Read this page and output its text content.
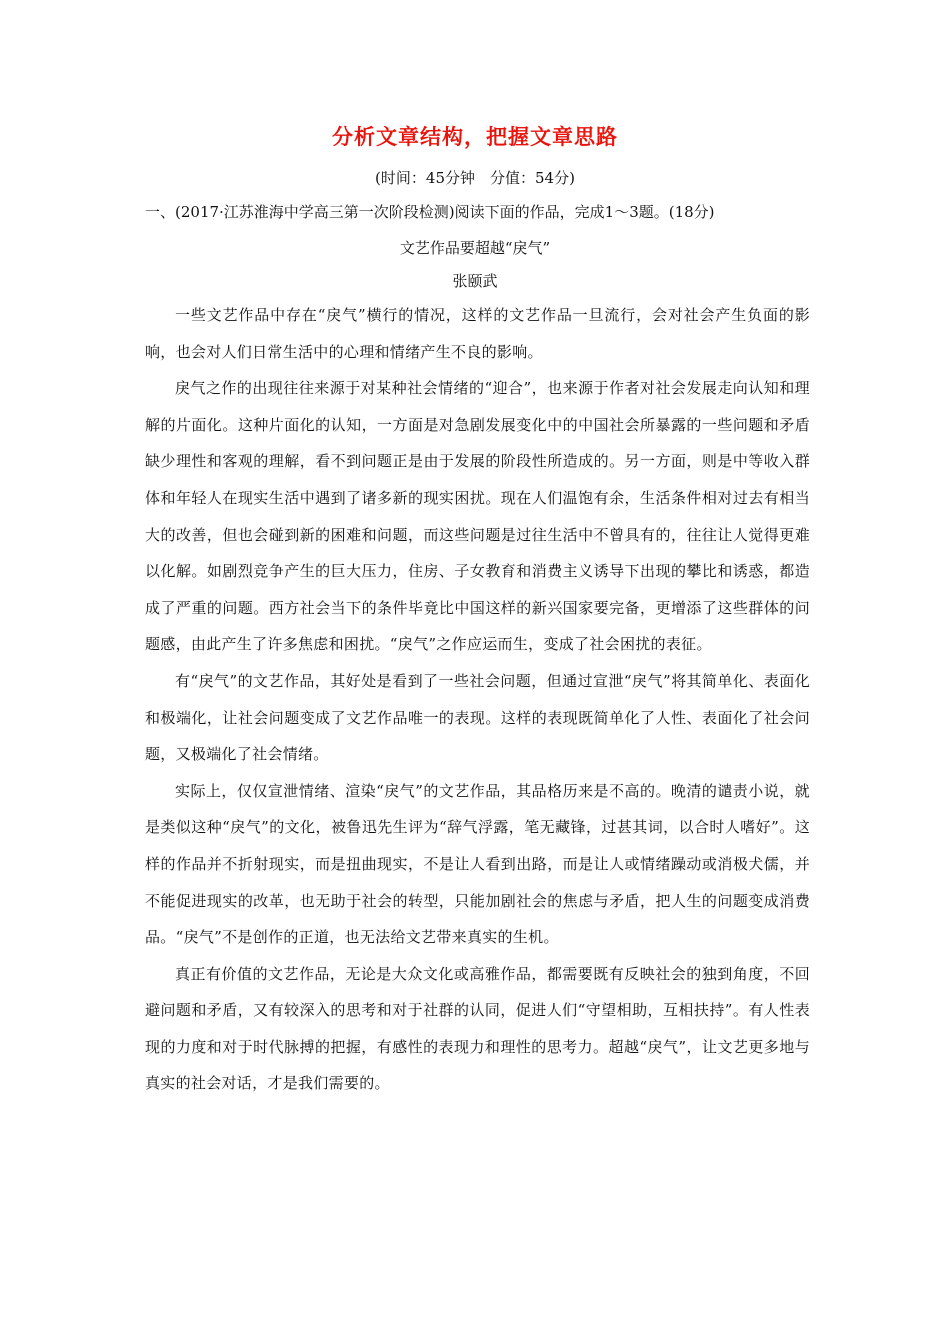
分析文章结构，把握文章思路
(时间：45分钟　分值：54分)
一、(2017·江苏淮海中学高三第一次阶段检测)阅读下面的作品，完成1～3题。(18分)
文艺作品要超越“戾气”
张颐武

一些文艺作品中存在“戾气”横行的情况，这样的文艺作品一旦流行，会对社会产生负面的影响，也会对人们日常生活中的心理和情绪产生不良的影响。

戾气之作的出现往往来源于对某种社会情绪的“迎合”，也来源于作者对社会发展走向认知和理解的片面化。这种片面化的认知，一方面是对急剧发展变化中的中国社会所暴露的一些问题和矛盾缺少理性和客观的理解，看不到问题正是由于发展的阶段性所造成的。另一方面，则是中等收入群体和年轻人在现实生活中遇到了诸多新的现实困扰。现在人们温饱有余，生活条件相对过去有相当大的改善，但也会碰到新的困难和问题，而这些问题是过往生活中不曾具有的，往往让人觉得更难以化解。如剧烈竞争产生的巨大压力，住房、子女教育和消费主义诱导下出现的攀比和诱惑，都造成了严重的问题。西方社会当下的条件毕竟比中国这样的新兴国家要完备，更增添了这些群体的问题感，由此产生了许多焦虑和困扰。“戾气”之作应运而生，变成了社会困扰的表征。

有“戾气”的文艺作品，其好处是看到了一些社会问题，但通过宣泄“戾气”将其简单化、表面化和极端化，让社会问题变成了文艺作品唯一的表现。这样的表现既简单化了人性、表面化了社会问题，又极端化了社会情绪。

实际上，仅仅宣泄情绪、渲染“戾气”的文艺作品，其品格历来是不高的。晚清的谴责小说，就是类似这种“戾气”的文化，被鲁迅先生评为“辞气浮露，笔无藏锋，过甚其词，以合时人嗜好”。这样的作品并不折射现实，而是扭曲现实，不是让人看到出路，而是让人或情绪躁动或消极犬儒，并不能促进现实的改革，也无助于社会的转型，只能加剧社会的焦虑与矛盾，把人生的问题变成消费品。“戾气”不是创作的正道，也无法给文艺带来真实的生机。

真正有价值的文艺作品，无论是大众文化或高雅作品，都需要既有反映社会的独到角度，不回避问题和矛盾，又有较深入的思考和对于社群的认同，促进人们“守望相助，互相扶持”。有人性表现的力度和对于时代脉搏的把握，有感性的表现力和理性的思考力。超越“戾气”，让文艺更多地与真实的社会对话，才是我们需要的。
